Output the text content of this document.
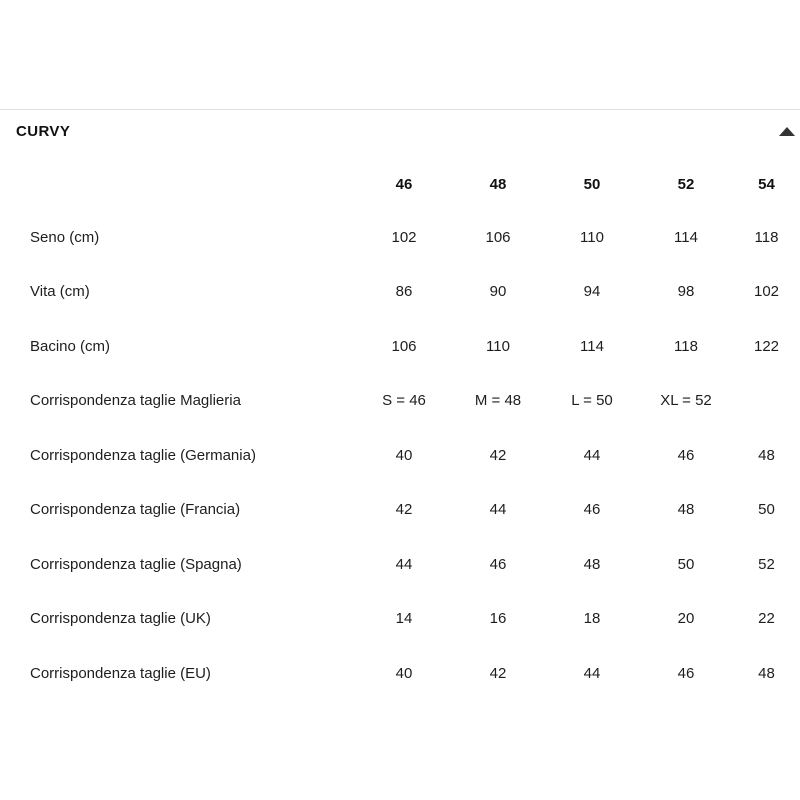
CURVY
	46	48	50	52	54
Seno (cm)	102	106	110	114	118
Vita (cm)	86	90	94	98	102
Bacino (cm)	106	110	114	118	122
Corrispondenza taglie Maglieria	S = 46	M = 48	L = 50	XL = 52	
Corrispondenza taglie (Germania)	40	42	44	46	48
Corrispondenza taglie (Francia)	42	44	46	48	50
Corrispondenza taglie (Spagna)	44	46	48	50	52
Corrispondenza taglie (UK)	14	16	18	20	22
Corrispondenza taglie (EU)	40	42	44	46	48
